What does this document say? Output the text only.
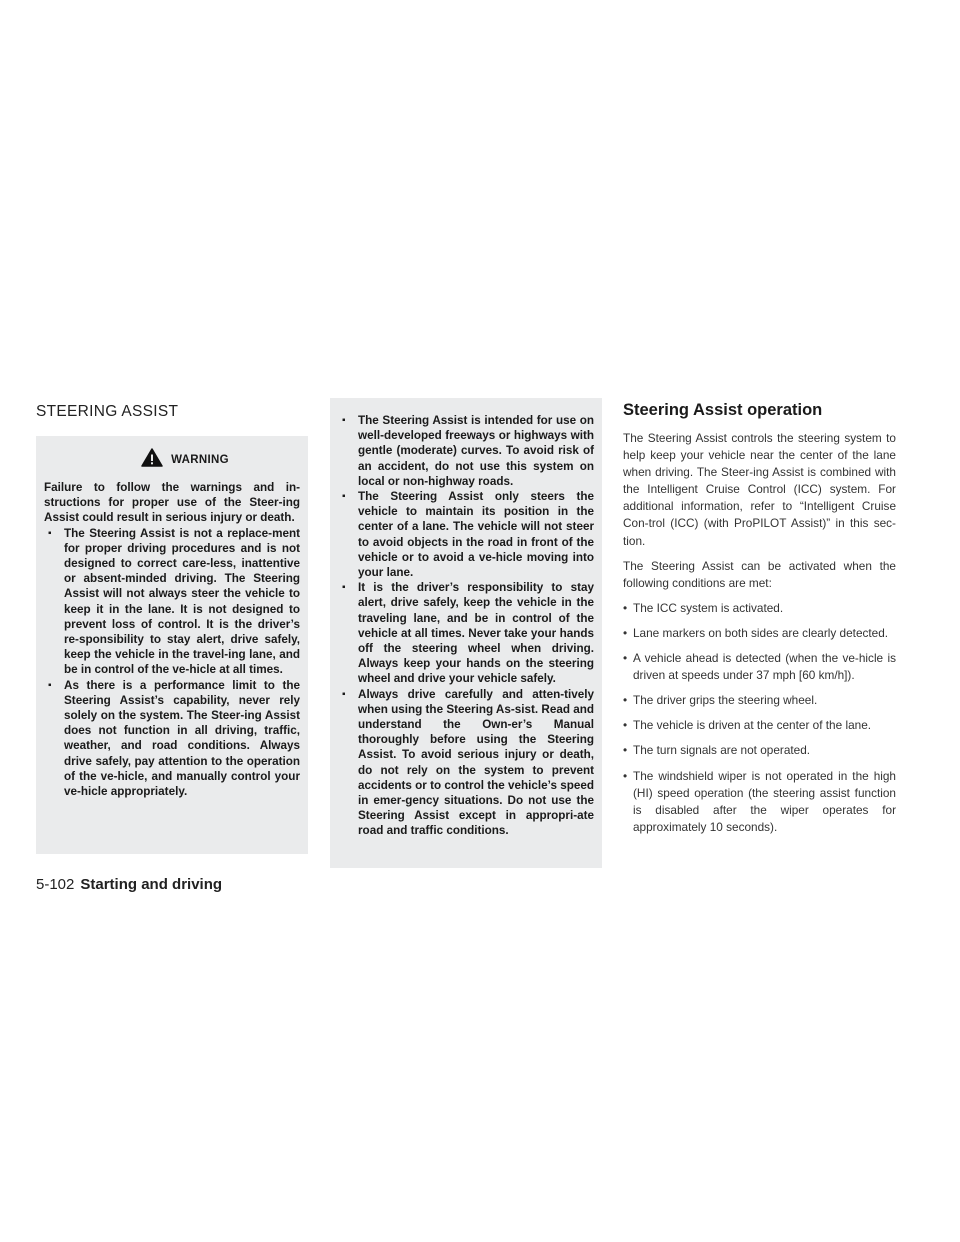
STEERING ASSIST
WARNING

Failure to follow the warnings and in-structions for proper use of the Steer-ing Assist could result in serious injury or death.

▪ The Steering Assist is not a replace-ment for proper driving procedures and is not designed to correct care-less, inattentive or absent-minded driving. The Steering Assist will not always steer the vehicle to keep it in the lane. It is not designed to prevent loss of control. It is the driver’s re-sponsibility to stay alert, drive safely, keep the vehicle in the travel-ing lane, and be in control of the ve-hicle at all times.
▪ As there is a performance limit to the Steering Assist’s capability, never rely solely on the system. The Steer-ing Assist does not function in all driving, traffic, weather, and road conditions. Always drive safely, pay attention to the operation of the ve-hicle, and manually control your ve-hicle appropriately.
▪ The Steering Assist is intended for use on well-developed freeways or highways with gentle (moderate) curves. To avoid risk of an accident, do not use this system on local or non-highway roads.
▪ The Steering Assist only steers the vehicle to maintain its position in the center of a lane. The vehicle will not steer to avoid objects in the road in front of the vehicle or to avoid a ve-hicle moving into your lane.
▪ It is the driver’s responsibility to stay alert, drive safely, keep the vehicle in the traveling lane, and be in control of the vehicle at all times. Never take your hands off the steering wheel when driving. Always keep your hands on the steering wheel and drive your vehicle safely.
▪ Always drive carefully and atten-tively when using the Steering As-sist. Read and understand the Own-er’s Manual thoroughly before using the Steering Assist. To avoid serious injury or death, do not rely on the system to prevent accidents or to control the vehicle’s speed in emer-gency situations. Do not use the Steering Assist except in appropri-ate road and traffic conditions.
Steering Assist operation

The Steering Assist controls the steering system to help keep your vehicle near the center of the lane when driving. The Steer-ing Assist is combined with the Intelligent Cruise Control (ICC) system. For additional information, refer to “Intelligent Cruise Con-trol (ICC) (with ProPILOT Assist)” in this sec-tion.

The Steering Assist can be activated when the following conditions are met:

• The ICC system is activated.
• Lane markers on both sides are clearly detected.
• A vehicle ahead is detected (when the ve-hicle is driven at speeds under 37 mph [60 km/h]).
• The driver grips the steering wheel.
• The vehicle is driven at the center of the lane.
• The turn signals are not operated.
• The windshield wiper is not operated in the high (HI) speed operation (the steering assist function is disabled after the wiper operates for approximately 10 seconds).
5-102 Starting and driving
